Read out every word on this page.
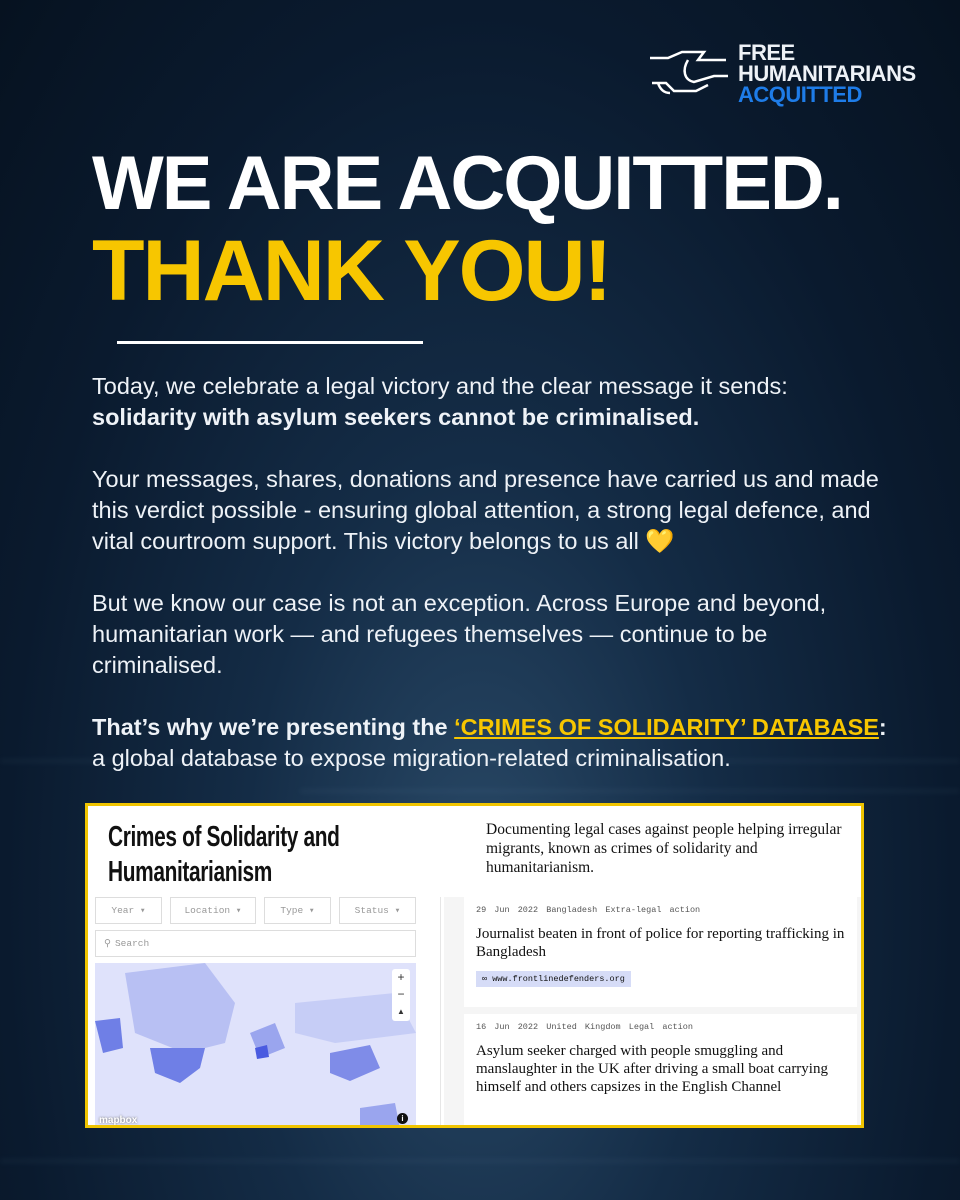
FREE
HUMANITARIANS
ACQUITTED
WE ARE ACQUITTED.
THANK YOU!

Today, we celebrate a legal victory and the clear message it sends:
solidarity with asylum seekers cannot be criminalised.

Your messages, shares, donations and presence have carried us and made this verdict possible - ensuring global attention, a strong legal defence, and vital courtroom support. This victory belongs to us all 💛

But we know our case is not an exception. Across Europe and beyond, humanitarian work — and refugees themselves — continue to be criminalised.

That’s why we’re presenting the ‘CRIMES OF SOLIDARITY’ DATABASE:
a global database to expose migration-related criminalisation.

Crimes of Solidarity and Humanitarianism
Documenting legal cases against people helping irregular migrants, known as crimes of solidarity and humanitarianism.
Year ▾	Location ▾	Type ▾	Status ▾
⚲ Search
+
−
▲
mapbox	i
29 Jun 2022 Bangladesh Extra-legal action
Journalist beaten in front of police for reporting trafficking in Bangladesh
∞ www.frontlinedefenders.org
16 Jun 2022 United Kingdom Legal action
Asylum seeker charged with people smuggling and manslaughter in the UK after driving a small boat carrying himself and others capsizes in the English Channel
